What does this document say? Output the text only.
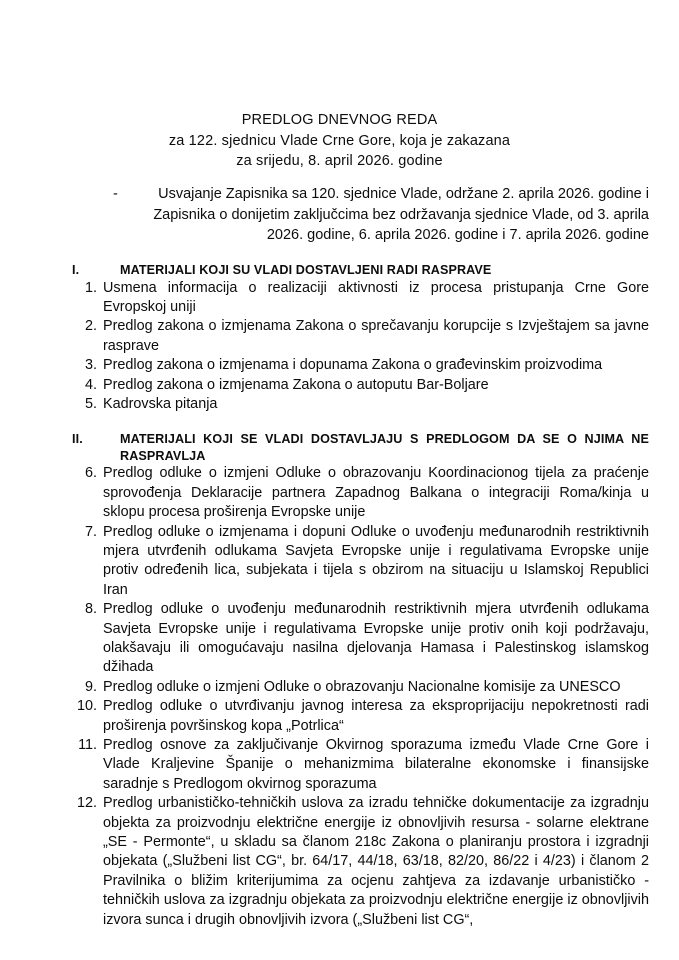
PREDLOG DNEVNOG REDA
za 122. sjednicu Vlade Crne Gore, koja je zakazana
za srijedu, 8. april 2026. godine
-	Usvajanje Zapisnika sa 120. sjednice Vlade, održane 2. aprila 2026. godine i Zapisnika o donijetim zaključcima bez održavanja sjednice Vlade, od 3. aprila 2026. godine, 6. aprila 2026. godine i 7. aprila 2026. godine
I.	MATERIJALI KOJI SU VLADI DOSTAVLJENI RADI RASPRAVE
1. Usmena informacija o realizaciji aktivnosti iz procesa pristupanja Crne Gore Evropskoj uniji
2. Predlog zakona o izmjenama Zakona o sprečavanju korupcije s Izvještajem sa javne rasprave
3. Predlog zakona o izmjenama i dopunama Zakona o građevinskim proizvodima
4. Predlog zakona o izmjenama Zakona o autoputu Bar-Boljare
5. Kadrovska pitanja
II.	MATERIJALI KOJI SE VLADI DOSTAVLJAJU S PREDLOGOM DA SE O NJIMA NE RASPRAVLJA
6. Predlog odluke o izmjeni Odluke o obrazovanju Koordinacionog tijela za praćenje sprovođenja Deklaracije partnera Zapadnog Balkana o integraciji Roma/kinja u sklopu procesa proširenja Evropske unije
7. Predlog odluke o izmjenama i dopuni Odluke o uvođenju međunarodnih restriktivnih mjera utvrđenih odlukama Savjeta Evropske unije i regulativama Evropske unije protiv određenih lica, subjekata i tijela s obzirom na situaciju u Islamskoj Republici Iran
8. Predlog odluke o uvođenju međunarodnih restriktivnih mjera utvrđenih odlukama Savjeta Evropske unije i regulativama Evropske unije protiv onih koji podržavaju, olakšavaju ili omogućavaju nasilna djelovanja Hamasa i Palestinskog islamskog džihada
9. Predlog odluke o izmjeni Odluke o obrazovanju Nacionalne komisije za UNESCO
10. Predlog odluke o utvrđivanju javnog interesa za eksproprijaciju nepokretnosti radi proširenja površinskog kopa „Potrlica“
11. Predlog osnove za zaključivanje Okvirnog sporazuma između Vlade Crne Gore i Vlade Kraljevine Španije o mehanizmima bilateralne ekonomske i finansijske saradnje s Predlogom okvirnog sporazuma
12. Predlog urbanističko-tehničkih uslova za izradu tehničke dokumentacije za izgradnju objekta za proizvodnju električne energije iz obnovljivih resursa - solarne elektrane „SE - Permonte“, u skladu sa članom 218c Zakona o planiranju prostora i izgradnji objekata („Službeni list CG“, br. 64/17, 44/18, 63/18, 82/20, 86/22 i 4/23) i članom 2 Pravilnika o bližim kriterijumima za ocjenu zahtjeva za izdavanje urbanističko - tehničkih uslova za izgradnju objekata za proizvodnju električne energije iz obnovljivih izvora sunca i drugih obnovljivih izvora („Službeni list CG“,
